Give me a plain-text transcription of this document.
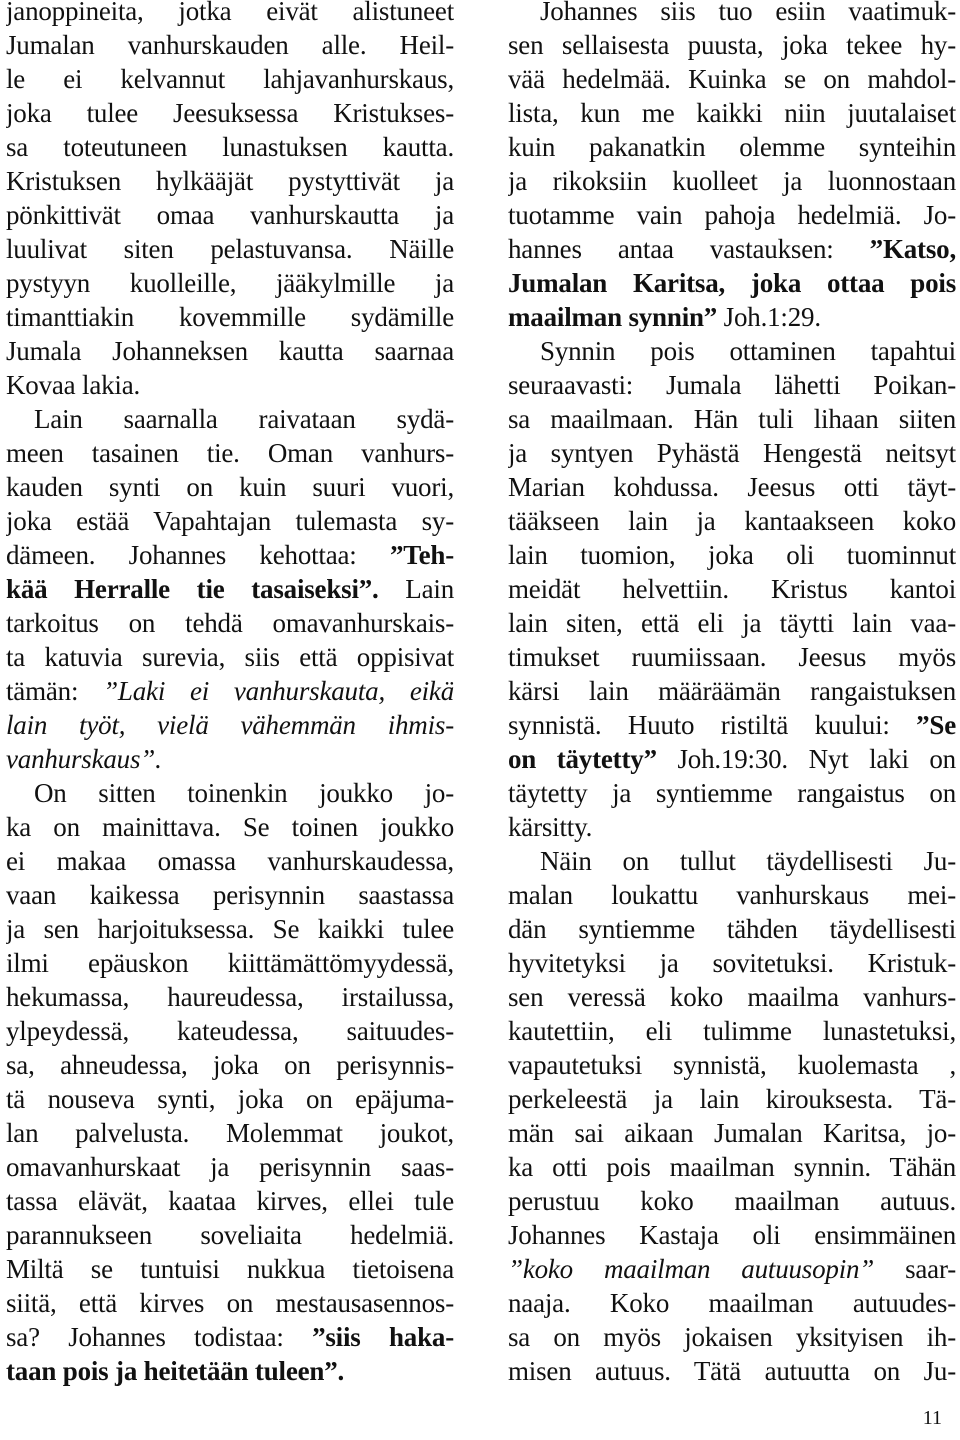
janoppineita, jotka eivät alistuneet
Jumalan vanhurskauden alle. Heil-
le ei kelvannut lahjavanhurskaus,
joka tulee Jeesuksessa Kristukses-
sa toteutuneen lunastuksen kautta.
Kristuksen hylkääjät pystyttivät ja
pönkittivät omaa vanhurskautta ja
luulivat siten pelastuvansa. Näille
pystyyn kuolleille, jääkylmille ja
timanttiakin kovemmille sydämille
Jumala Johanneksen kautta saarnaa
Kovaa lakia.

Lain saarnalla raivataan sydä-
meen tasainen tie. Oman vanhurs-
kauden synti on kuin suuri vuori,
joka estää Vapahtajan tulemasta sy-
dämeen. Johannes kehottaa: ”Teh-
kää Herralle tie tasaiseksi”. Lain
tarkoitus on tehdä omavanhurskais-
ta katuvia surevia, siis että oppisivat
tämän: ”Laki ei vanhurskauta, eikä
lain työt, vielä vähemmän ihmis-
vanhurskaus”.

On sitten toinenkin joukko jo-
ka on mainittava. Se toinen joukko
ei makaa omassa vanhurskaudessa,
vaan kaikessa perisynnin saastassa
ja sen harjoituksessa. Se kaikki tulee
ilmi epäuskon kiittämättömyydessä,
hekumassa, haureudessa, irstailussa,
ylpeydessä, kateudessa, saituudes-
sa, ahneudessa, joka on perisynnis-
tä nouseva synti, joka on epäjuma-
lan palvelusta. Molemmat joukot,
omavanhurskaat ja perisynnin saas-
tassa elävät, kaataa kirves, ellei tule
parannukseen soveliaita hedelmiä.
Miltä se tuntuisi nukkua tietoisena
siitä, että kirves on mestausasennos-
sa? Johannes todistaa: ”siis haka-
taan pois ja heitetään tuleen”.

Johannes siis tuo esiin vaatimuk-
sen sellaisesta puusta, joka tekee hy-
vää hedelmää. Kuinka se on mahdol-
lista, kun me kaikki niin juutalaiset
kuin pakanatkin olemme synteihin
ja rikoksiin kuolleet ja luonnostaan
tuotamme vain pahoja hedelmiä. Jo-
hannes antaa vastauksen: ”Katso,
Jumalan Karitsa, joka ottaa pois
maailman synnin” Joh.1:29.

Synnin pois ottaminen tapahtui
seuraavasti: Jumala lähetti Poikan-
sa maailmaan. Hän tuli lihaan siiten
ja syntyen Pyhästä Hengestä neitsyt
Marian kohdussa. Jeesus otti täyt-
tääkseen lain ja kantaakseen koko
lain tuomion, joka oli tuominnut
meidät helvettiin. Kristus kantoi
lain siten, että eli ja täytti lain vaa-
timukset ruumiissaan. Jeesus myös
kärsi lain määräämän rangaistuksen
synnistä. Huuto ristiltä kuului: ”Se
on täytetty” Joh.19:30. Nyt laki on
täytetty ja syntiemme rangaistus on
kärsitty.

Näin on tullut täydellisesti Ju-
malan loukattu vanhurskaus mei-
dän syntiemme tähden täydellisesti
hyvitetyksi ja sovitetuksi. Kristuk-
sen veressä koko maailma vanhurs-
kautettiin, eli tulimme lunastetuksi,
vapautetuksi synnistä, kuolemasta ,
perkeleestä ja lain kirouksesta. Tä-
män sai aikaan Jumalan Karitsa, jo-
ka otti pois maailman synnin. Tähän
perustuu koko maailman autuus.
Johannes Kastaja oli ensimmäinen
”koko maailman autuusopin” saar-
naaja. Koko maailman autuudes-
sa on myös jokaisen yksityisen ih-
misen autuus. Tätä autuutta on Ju-

11
